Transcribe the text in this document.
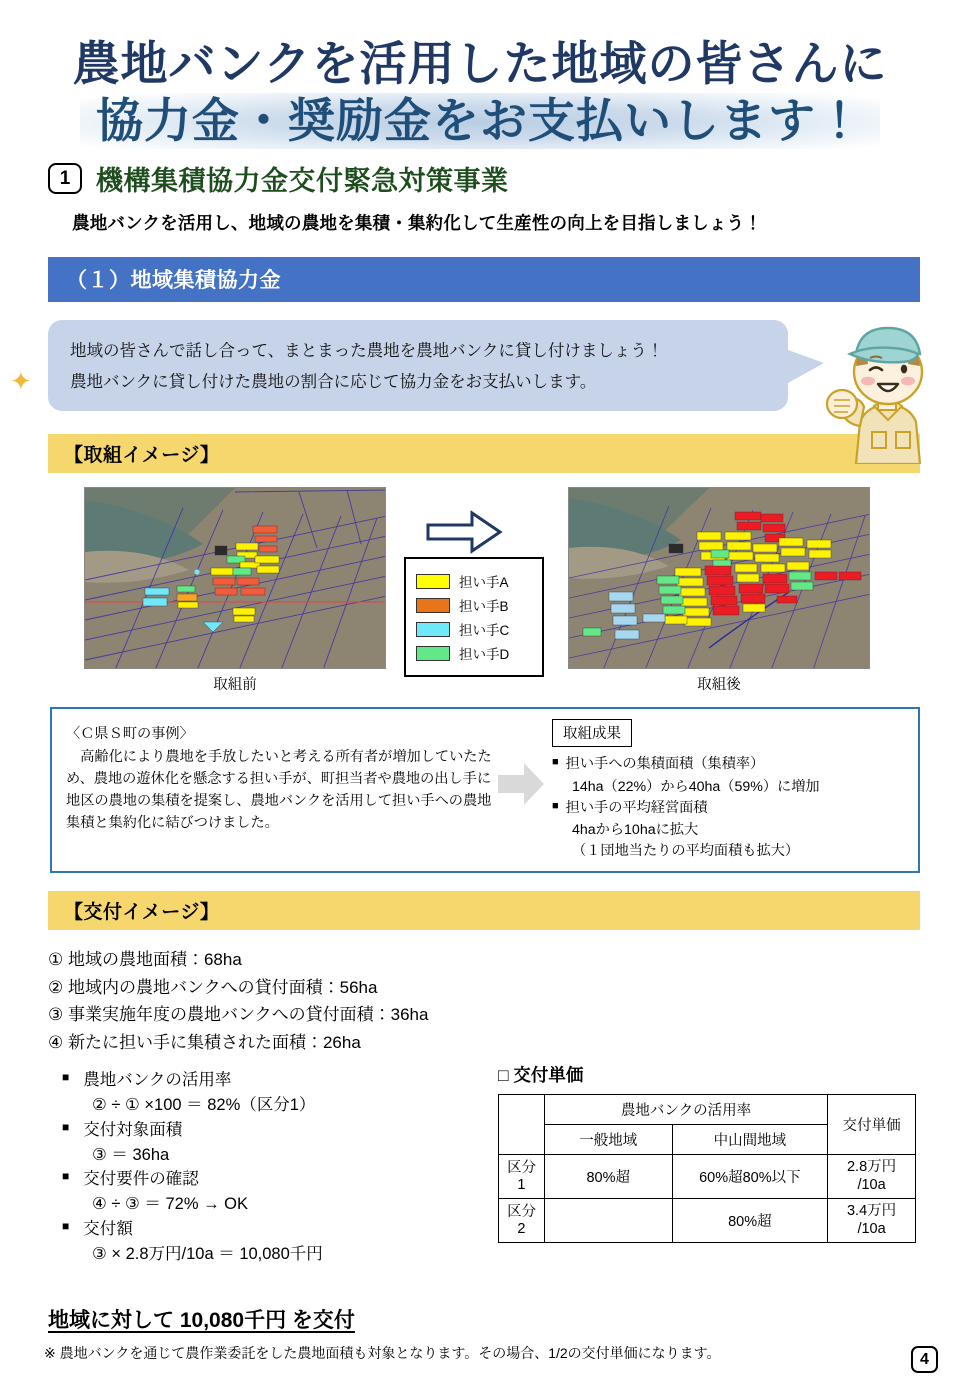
農地バンクを活用した地域の皆さんに
協力金・奨励金をお支払いします！
1 機構集積協力金交付緊急対策事業
農地バンクを活用し、地域の農地を集積・集約化して生産性の向上を目指しましょう！
（１）地域集積協力金

地域の皆さんで話し合って、まとまった農地を農地バンクに貸し付けましょう！

農地バンクに貸し付けた農地の割合に応じて協力金をお支払いします。

✦
【取組イメージ】
取組前
担い手A
担い手B
担い手C
担い手D
取組後
〈Ｃ県Ｓ町の事例〉
高齢化により農地を手放したいと考える所有者が増加していたため、農地の遊休化を懸念する担い手が、町担当者や農地の出し手に地区の農地の集積を提案し、農地バンクを活用して担い手への農地集積と集約化に結びつけました。
取組成果
■ 担い手への集積面積（集積率）
14ha（22%）から40ha（59%）に増加
■ 担い手の平均経営面積
4haから10haに拡大
（１団地当たりの平均面積も拡大）
【交付イメージ】
① 地域の農地面積：68ha
② 地域内の農地バンクへの貸付面積：56ha
③ 事業実施年度の農地バンクへの貸付面積：36ha
④ 新たに担い手に集積された面積：26ha
■ 農地バンクの活用率
② ÷ ① ×100 ＝ 82%（区分1）
■ 交付対象面積
③ ＝ 36ha
■ 交付要件の確認
④ ÷ ③ ＝ 72% → OK
■ 交付額
③ × 2.8万円/10a ＝ 10,080千円
□ 交付単価
	農地バンクの活用率		交付単価
	一般地域	中山間地域	
区分
1	80%超	60%超80%以下	2.8万円
/10a
区分
2		80%超	3.4万円
/10a
地域に対して 10,080千円 を交付
※ 農地バンクを通じて農作業委託をした農地面積も対象となります。その場合、1/2の交付単価になります。	4
